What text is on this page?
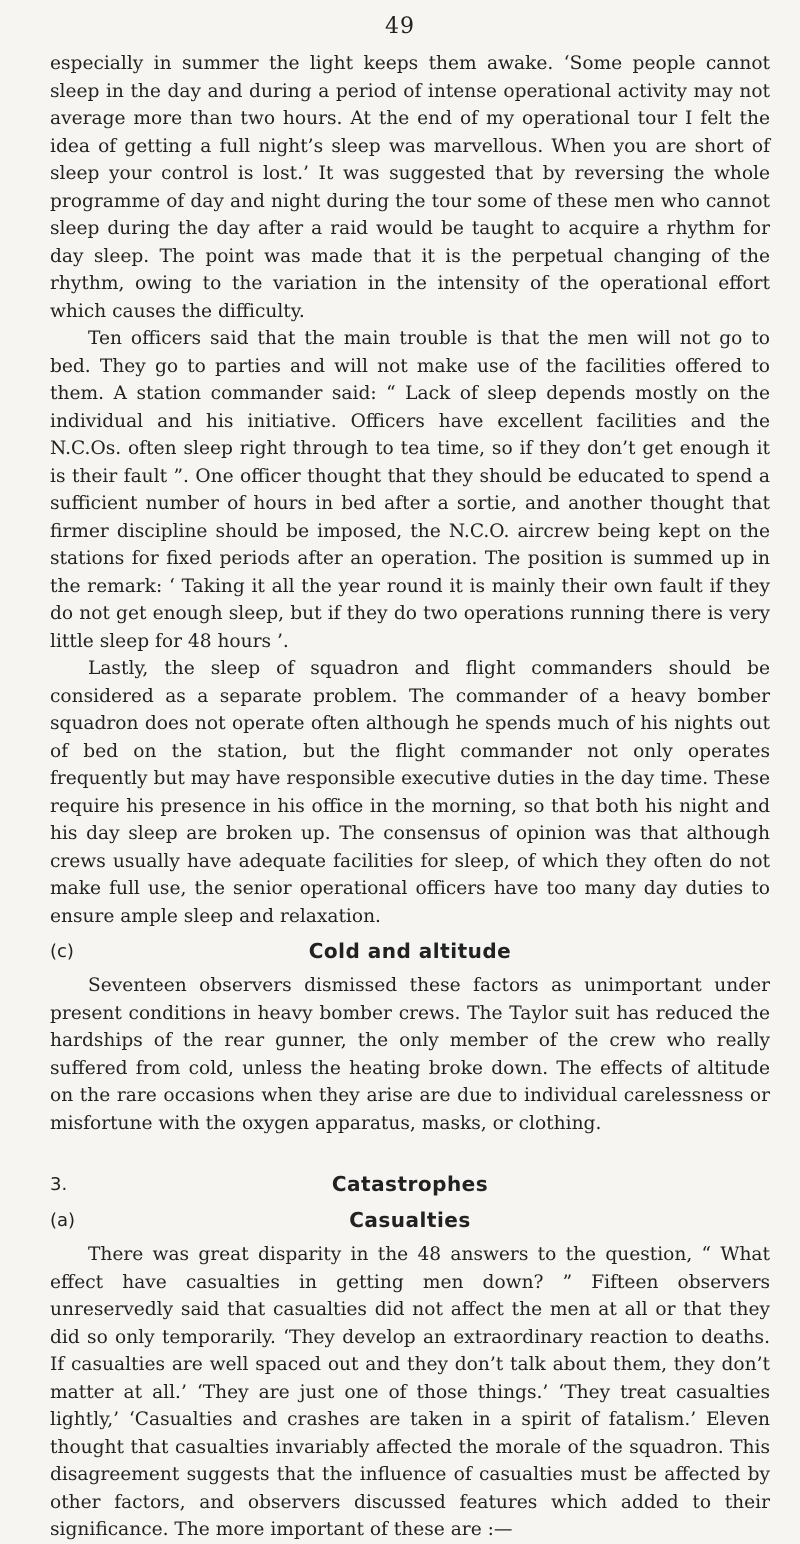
49

especially in summer the light keeps them awake. ‘Some people cannot sleep in the day and during a period of intense operational activity may not average more than two hours. At the end of my operational tour I felt the idea of getting a full night’s sleep was marvellous. When you are short of sleep your control is lost.’ It was suggested that by reversing the whole programme of day and night during the tour some of these men who cannot sleep during the day after a raid would be taught to acquire a rhythm for day sleep. The point was made that it is the perpetual changing of the rhythm, owing to the variation in the intensity of the operational effort which causes the difficulty.

Ten officers said that the main trouble is that the men will not go to bed. They go to parties and will not make use of the facilities offered to them. A station commander said: “ Lack of sleep depends mostly on the individual and his initiative. Officers have excellent facilities and the N.C.Os. often sleep right through to tea time, so if they don’t get enough it is their fault ”. One officer thought that they should be educated to spend a sufficient number of hours in bed after a sortie, and another thought that firmer discipline should be imposed, the N.C.O. aircrew being kept on the stations for fixed periods after an operation. The position is summed up in the remark: ‘ Taking it all the year round it is mainly their own fault if they do not get enough sleep, but if they do two operations running there is very little sleep for 48 hours ’.

Lastly, the sleep of squadron and flight commanders should be considered as a separate problem. The commander of a heavy bomber squadron does not operate often although he spends much of his nights out of bed on the station, but the flight commander not only operates frequently but may have responsible executive duties in the day time. These require his presence in his office in the morning, so that both his night and his day sleep are broken up. The consensus of opinion was that although crews usually have adequate facilities for sleep, of which they often do not make full use, the senior operational officers have too many day duties to ensure ample sleep and relaxation.

(c)	Cold and altitude

Seventeen observers dismissed these factors as unimportant under present conditions in heavy bomber crews. The Taylor suit has reduced the hardships of the rear gunner, the only member of the crew who really suffered from cold, unless the heating broke down. The effects of altitude on the rare occasions when they arise are due to individual carelessness or misfortune with the oxygen apparatus, masks, or clothing.

3.	Catastrophes
(a)	Casualties

There was great disparity in the 48 answers to the question, “ What effect have casualties in getting men down? ” Fifteen observers unreservedly said that casualties did not affect the men at all or that they did so only temporarily. ‘They develop an extraordinary reaction to deaths. If casualties are well spaced out and they don’t talk about them, they don’t matter at all.’ ‘They are just one of those things.’ ‘They treat casualties lightly,’ ‘Casualties and crashes are taken in a spirit of fatalism.’ Eleven thought that casualties invariably affected the morale of the squadron. This disagreement suggests that the influence of casualties must be affected by other factors, and observers discussed features which added to their significance. The more important of these are :—
